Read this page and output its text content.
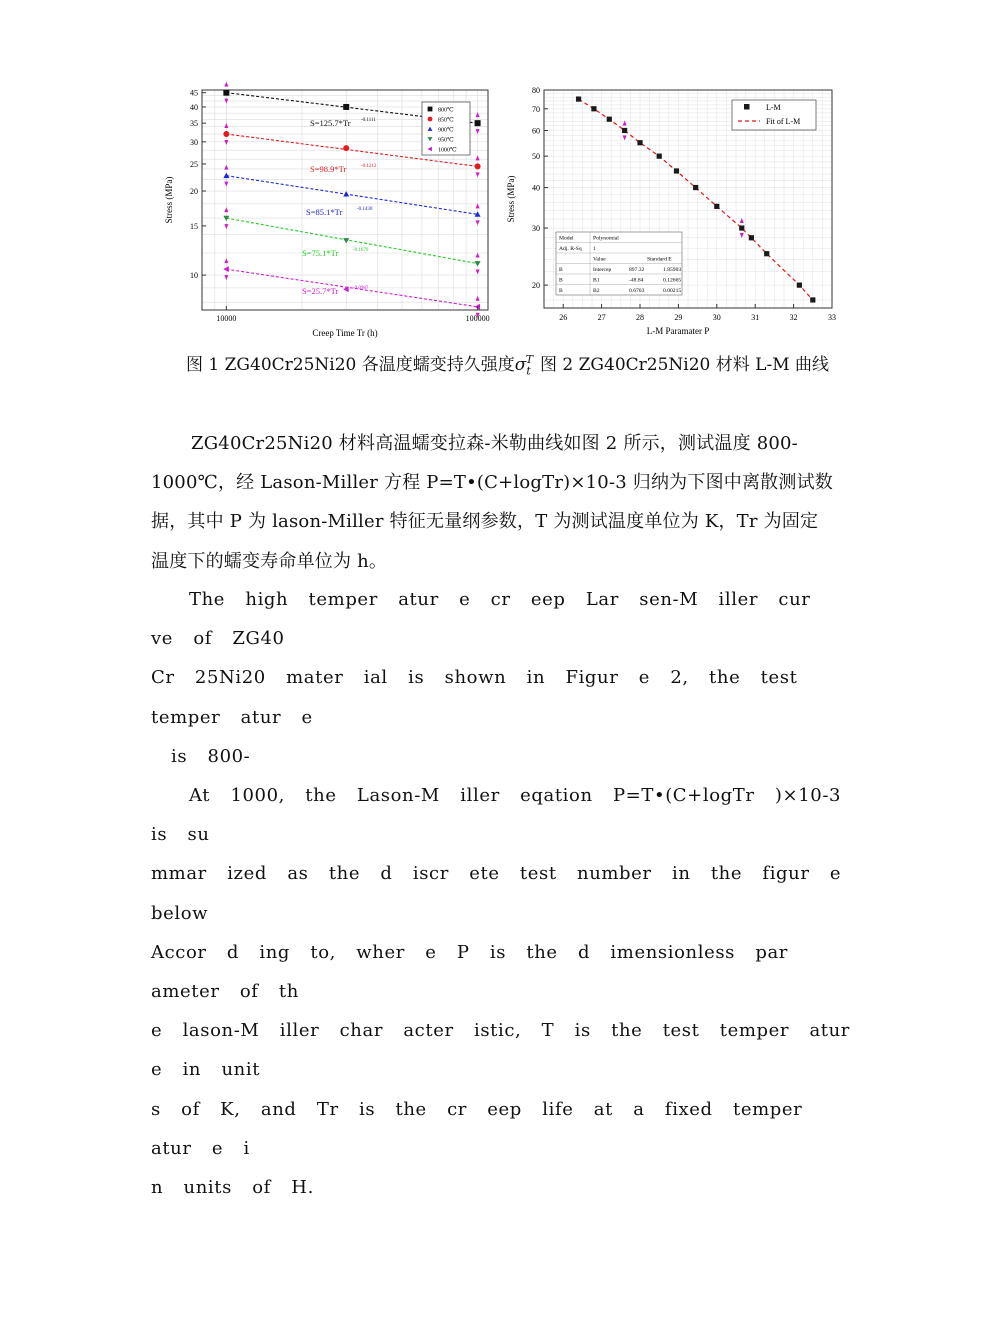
10
15
20
25
30
35
40
45
10000	100000
800℃
850℃
900℃
950℃
1000℃
S=125.7*Tr -0.1111
S=98.9*Tr	-0.1212
S=85.1*Tr	-0.1430
S=75.1*Tr	-0.1679
S=25.7*Tr	-0.0987
Creep Time Tr (h)
Stress (MPa)
20
30
40
50
60
70
80
26	27	28	29	30	31	32	33
Model	Polynomial
Adj. R-Sq 1
Value	Standard E
B	Intercep	897.32	1.85903
B	B1	-48.84	0.12665
B	B2	0.6703	0.00215
L-M
Fit of L-M
L-M Paramater P
Stress (MPa)
图 1 ZG40Cr25Ni20 各温度蠕变持久强度$\sigma_t^T$ 图 2 ZG40Cr25Ni20 材料 L-M 曲线

ZG40Cr25Ni20 材料高温蠕变拉森-米勒曲线如图 2 所示，测试温度 800-

1000℃，经 Lason-Miller 方程 P=T•(C+logTr)×10-3 归纳为下图中离散测试数

据，其中 P 为 lason-Miller 特征无量纲参数，T 为测试温度单位为 K，Tr 为固定

温度下的蠕变寿命单位为 h。

The high temper atur e cr eep Lar sen-M iller cur ve of ZG40

Cr 25Ni20 mater ial is shown in Figur e 2, the test temper atur e

is 800-

At 1000, the Lason-M iller eqation P=T•(C+logTr )×10-3 is su

mmar ized as the d iscr ete test number in the figur e below

Accor d ing to, wher e P is the d imensionless par ameter of th

e lason-M iller char acter istic, T is the test temper atur e in unit

s of K, and Tr is the cr eep life at a fixed temper atur e i

n units of H.
